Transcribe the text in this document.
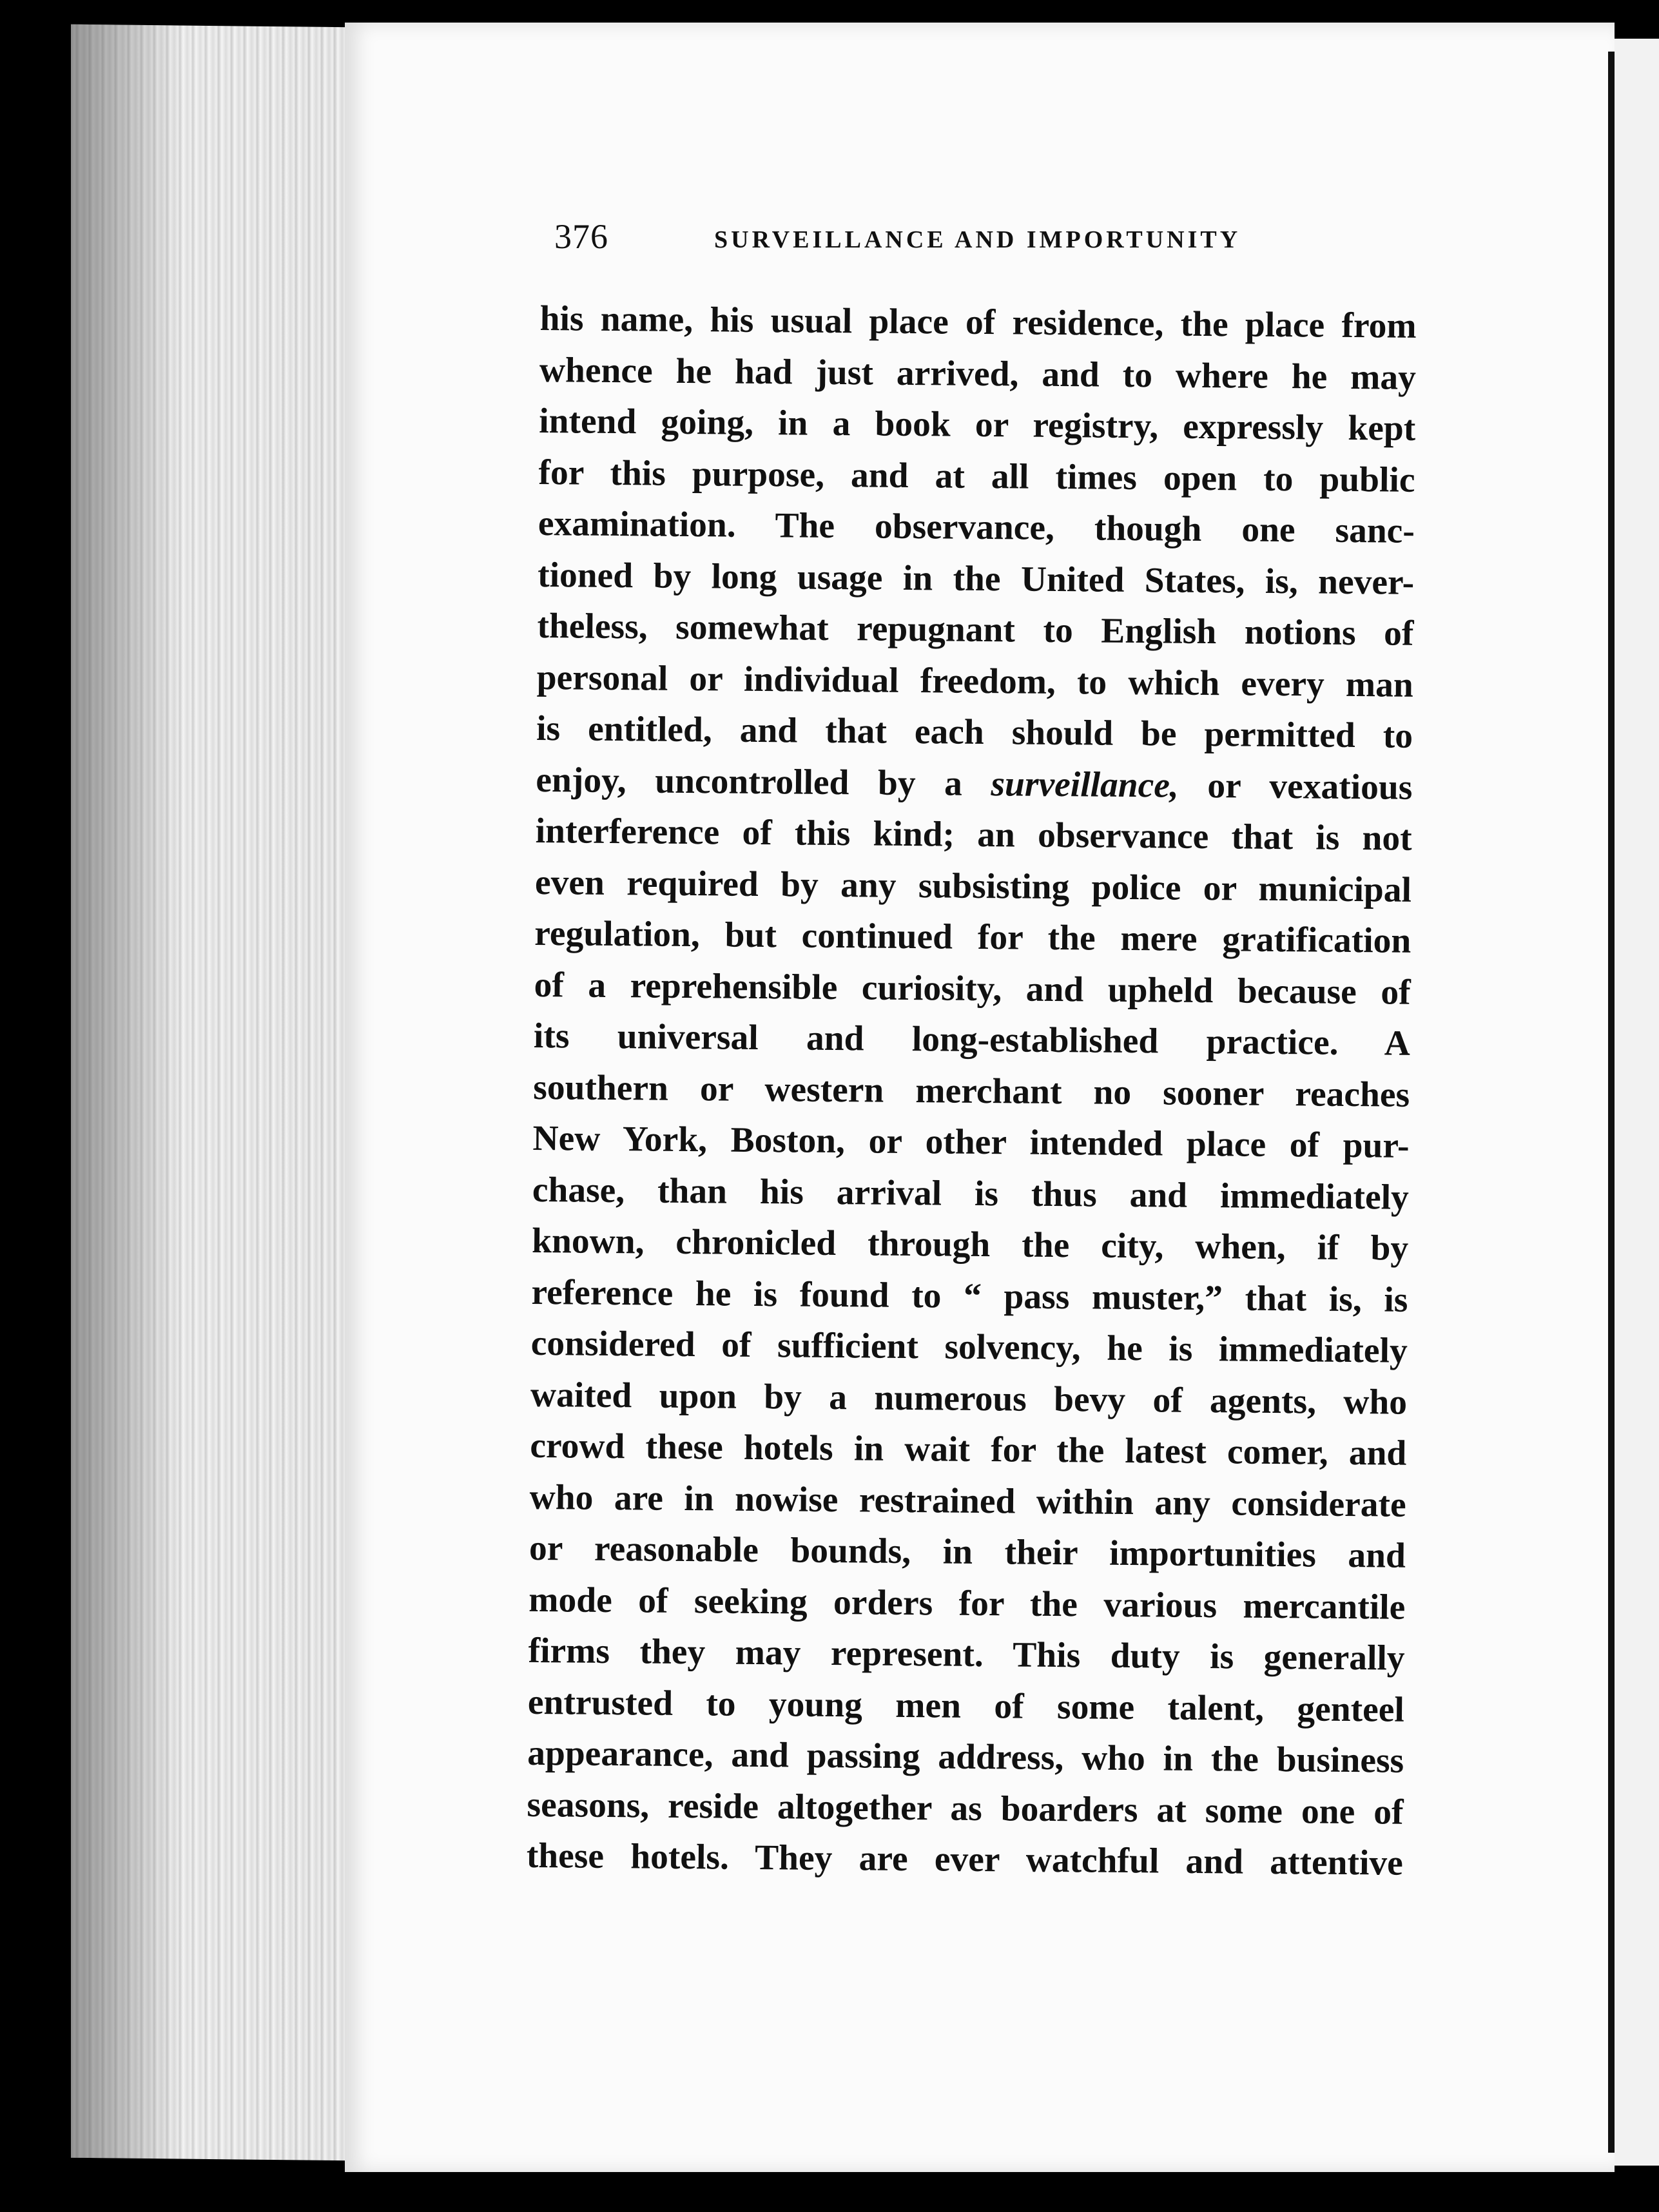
376	SURVEILLANCE AND IMPORTUNITY
his name, his usual place of residence, the place from
whence he had just arrived, and to where he may
intend going, in a book or registry, expressly kept
for this purpose, and at all times open to public
examination. The observance, though one sanc-
tioned by long usage in the United States, is, never-
theless, somewhat repugnant to English notions of
personal or individual freedom, to which every man
is entitled, and that each should be permitted to
enjoy, uncontrolled by a surveillance, or vexatious
interference of this kind; an observance that is not
even required by any subsisting police or municipal
regulation, but continued for the mere gratification
of a reprehensible curiosity, and upheld because of
its universal and long-established practice. A
southern or western merchant no sooner reaches
New York, Boston, or other intended place of pur-
chase, than his arrival is thus and immediately
known, chronicled through the city, when, if by
reference he is found to “ pass muster,” that is, is
considered of sufficient solvency, he is immediately
waited upon by a numerous bevy of agents, who
crowd these hotels in wait for the latest comer, and
who are in nowise restrained within any considerate
or reasonable bounds, in their importunities and
mode of seeking orders for the various mercantile
firms they may represent. This duty is generally
entrusted to young men of some talent, genteel
appearance, and passing address, who in the business
seasons, reside altogether as boarders at some one of
these hotels. They are ever watchful and attentive
